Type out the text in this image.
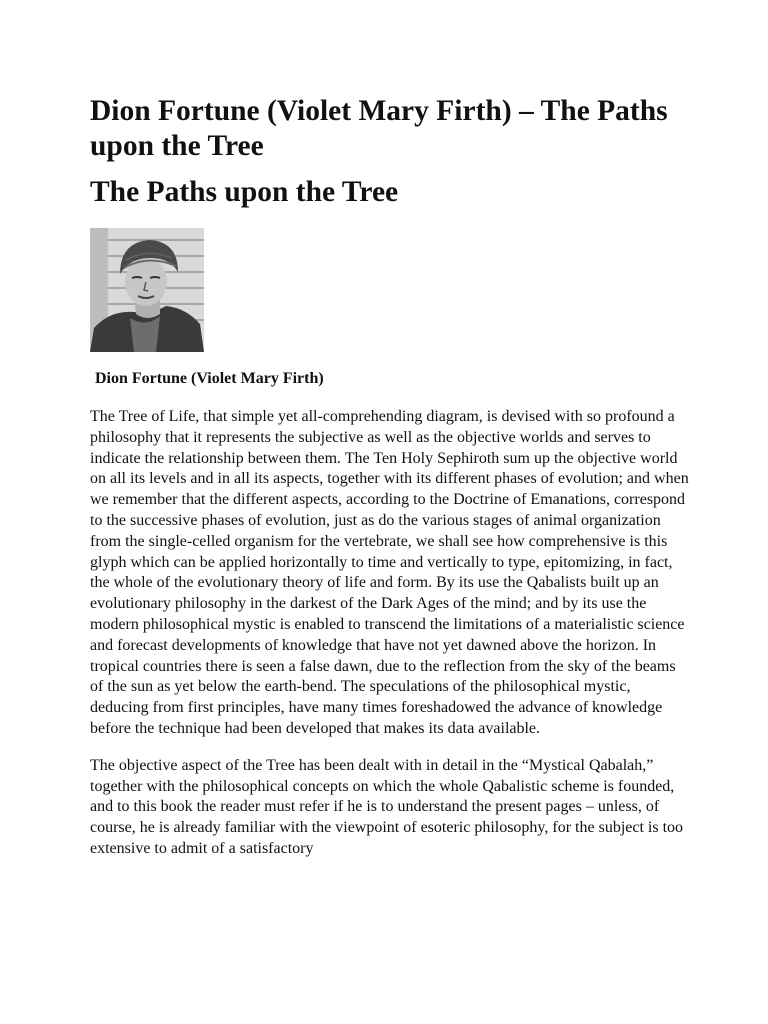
Dion Fortune (Violet Mary Firth) – The Paths upon the Tree
The Paths upon the Tree
Dion Fortune (Violet Mary Firth)

The Tree of Life, that simple yet all-comprehending diagram, is devised with so profound a philosophy that it represents the subjective as well as the objective worlds and serves to indicate the relationship between them. The Ten Holy Sephiroth sum up the objective world on all its levels and in all its aspects, together with its different phases of evolution; and when we remember that the different aspects, according to the Doctrine of Emanations, correspond to the successive phases of evolution, just as do the various stages of animal organization from the single-celled organism for the vertebrate, we shall see how comprehensive is this glyph which can be applied horizontally to time and vertically to type, epitomizing, in fact, the whole of the evolutionary theory of life and form. By its use the Qabalists built up an evolutionary philosophy in the darkest of the Dark Ages of the mind; and by its use the modern philosophical mystic is enabled to transcend the limitations of a materialistic science and forecast developments of knowledge that have not yet dawned above the horizon. In tropical countries there is seen a false dawn, due to the reflection from the sky of the beams of the sun as yet below the earth-bend. The speculations of the philosophical mystic, deducing from first principles, have many times foreshadowed the advance of knowledge before the technique had been developed that makes its data available.

The objective aspect of the Tree has been dealt with in detail in the “Mystical Qabalah,” together with the philosophical concepts on which the whole Qabalistic scheme is founded, and to this book the reader must refer if he is to understand the present pages – unless, of course, he is already familiar with the viewpoint of esoteric philosophy, for the subject is too extensive to admit of a satisfactory
